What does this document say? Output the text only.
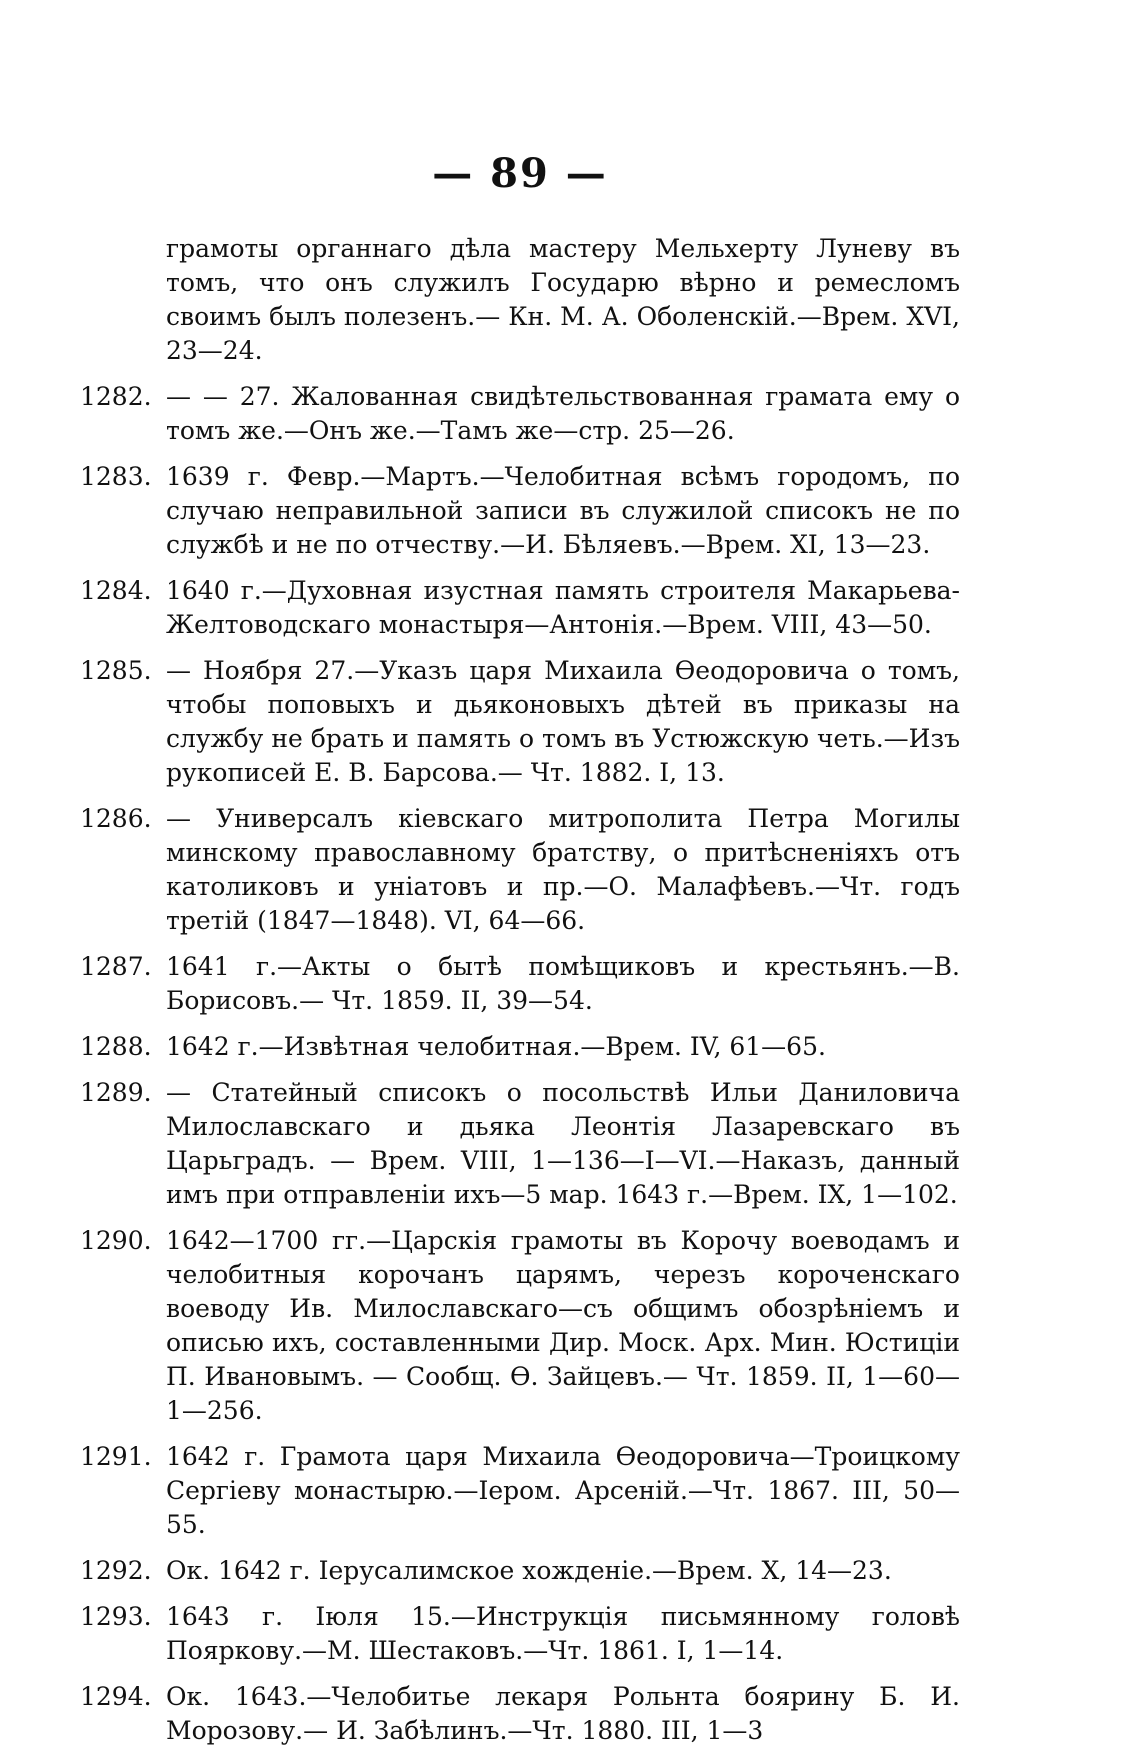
— 89 —
грамоты органнаго дѣла мастеру Мельхерту Луневу въ томъ, что онъ служилъ Государю вѣрно и ремесломъ своимъ былъ полезенъ.— Кн. М. А. Оболенскій.—Врем. XVI, 23—24.
1282. — — 27. Жалованная свидѣтельствованная грамата ему о томъ же.—Онъ же.—Тамъ же—стр. 25—26.
1283. 1639 г. Февр.—Мартъ.—Челобитная всѣмъ городомъ, по случаю неправильной записи въ служилой списокъ не по службѣ и не по отчеству.—И. Бѣляевъ.—Врем. XI, 13—23.
1284. 1640 г.—Духовная изустная память строителя Макарьева-Желтоводскаго монастыря—Антонія.—Врем. VIII, 43—50.
1285. — Ноября 27.—Указъ царя Михаила Ѳеодоровича о томъ, чтобы поповыхъ и дьяконовыхъ дѣтей въ приказы на службу не брать и память о томъ въ Устюжскую четь.—Изъ рукописей Е. В. Барсова.— Чт. 1882. I, 13.
1286. — Универсалъ кіевскаго митрополита Петра Могилы минскому православному братству, о притѣсненіяхъ отъ католиковъ и уніатовъ и пр.—О. Малафѣевъ.—Чт. годъ третій (1847—1848). VI, 64—66.
1287. 1641 г.—Акты о бытѣ помѣщиковъ и крестьянъ.—В. Борисовъ.— Чт. 1859. II, 39—54.
1288. 1642 г.—Извѣтная челобитная.—Врем. IV, 61—65.
1289. — Статейный списокъ о посольствѣ Ильи Даниловича Милославскаго и дьяка Леонтія Лазаревскаго въ Царьградъ. — Врем. VIII, 1—136—I—VI.—Наказъ, данный имъ при отправленіи ихъ—5 мар. 1643 г.—Врем. IX, 1—102.
1290. 1642—1700 гг.—Царскія грамоты въ Корочу воеводамъ и челобитныя корочанъ царямъ, черезъ короченскаго воеводу Ив. Милославскаго—съ общимъ обозрѣніемъ и описью ихъ, составленными Дир. Моск. Арх. Мин. Юстиціи П. Ивановымъ. — Сообщ. Ѳ. Зайцевъ.— Чт. 1859. II, 1—60—1—256.
1291. 1642 г. Грамота царя Михаила Ѳеодоровича—Троицкому Сергіеву монастырю.—Іером. Арсеній.—Чт. 1867. III, 50—55.
1292. Ок. 1642 г. Іерусалимское хожденіе.—Врем. X, 14—23.
1293. 1643 г. Іюля 15.—Инструкція письмянному головѣ Пояркову.—М. Шестаковъ.—Чт. 1861. I, 1—14.
1294. Ок. 1643.—Челобитье лекаря Рольнта боярину Б. И. Морозову.— И. Забѣлинъ.—Чт. 1880. III, 1—3
